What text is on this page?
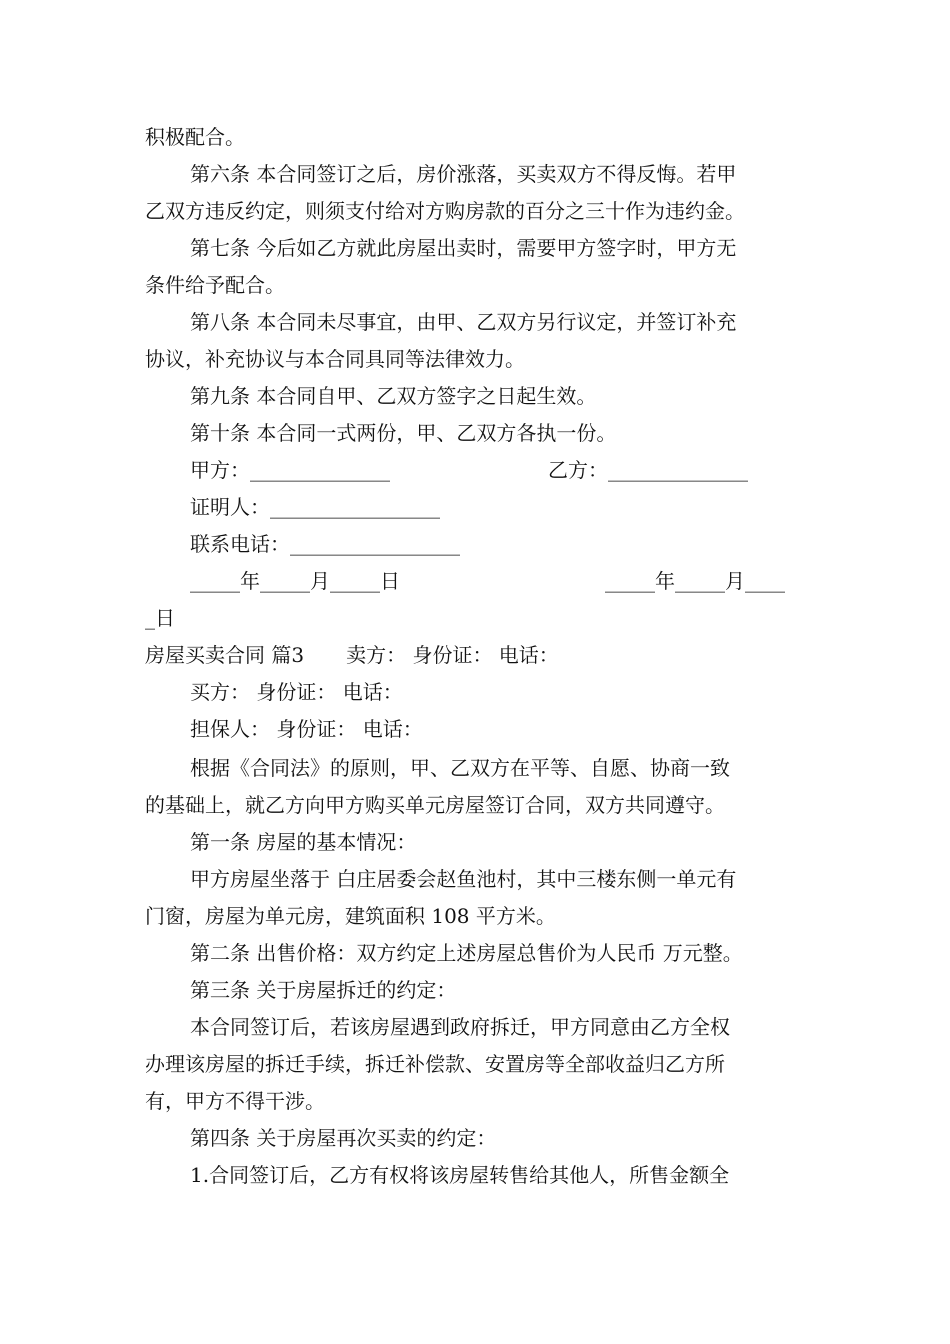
积极配合。

第六条 本合同签订之后，房价涨落，买卖双方不得反悔。若甲

乙双方违反约定，则须支付给对方购房款的百分之三十作为违约金。

第七条 今后如乙方就此房屋出卖时，需要甲方签字时，甲方无

条件给予配合。

第八条 本合同未尽事宜，由甲、乙双方另行议定，并签订补充

协议，补充协议与本合同具同等法律效力。

第九条 本合同自甲、乙双方签字之日起生效。

第十条 本合同一式两份，甲、乙双方各执一份。

甲方：______________	乙方：______________

证明人：_________________

联系电话：_________________

_____年_____月_____日	_____年_____月____

_日

房屋买卖合同 篇3 卖方： 身份证： 电话：

买方： 身份证： 电话：

担保人： 身份证： 电话：

根据《合同法》的原则，甲、乙双方在平等、自愿、协商一致

的基础上，就乙方向甲方购买单元房屋签订合同，双方共同遵守。

第一条 房屋的基本情况：

甲方房屋坐落于 白庄居委会赵鱼池村，其中三楼东侧一单元有

门窗，房屋为单元房，建筑面积 108 平方米。

第二条 出售价格：双方约定上述房屋总售价为人民币 万元整。

第三条 关于房屋拆迁的约定：

本合同签订后，若该房屋遇到政府拆迁，甲方同意由乙方全权

办理该房屋的拆迁手续，拆迁补偿款、安置房等全部收益归乙方所

有，甲方不得干涉。

第四条 关于房屋再次买卖的约定：

1.合同签订后，乙方有权将该房屋转售给其他人，所售金额全
